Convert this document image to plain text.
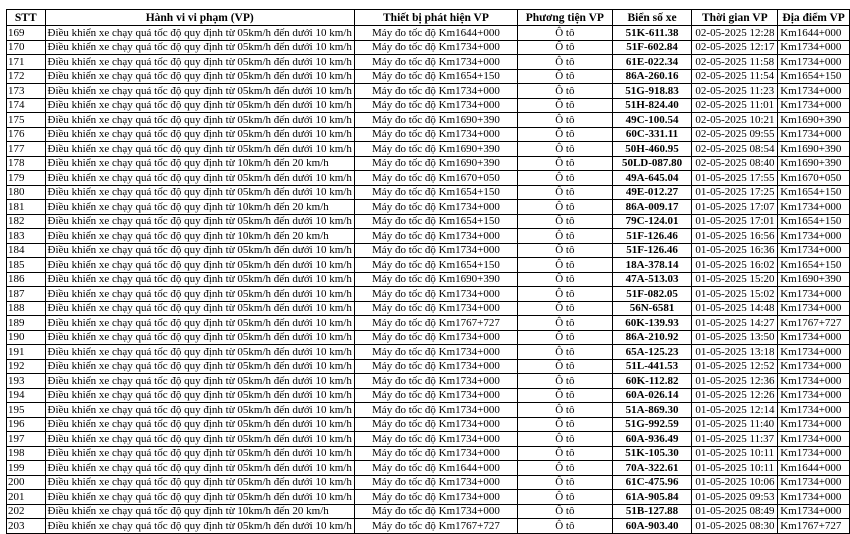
STT	Hành vi vi phạm (VP)	Thiết bị phát hiện VP	Phương tiện VP	Biển số xe	Thời gian VP	Địa điểm VP
169	Điều khiển xe chạy quá tốc độ quy định từ 05km/h đến dưới 10 km/h	Máy đo tốc độ Km1644+000	Ô tô	51K-611.38	02-05-2025 12:28	Km1644+000
170	Điều khiển xe chạy quá tốc độ quy định từ 05km/h đến dưới 10 km/h	Máy đo tốc độ Km1734+000	Ô tô	51F-602.84	02-05-2025 12:17	Km1734+000
171	Điều khiển xe chạy quá tốc độ quy định từ 05km/h đến dưới 10 km/h	Máy đo tốc độ Km1734+000	Ô tô	61E-022.34	02-05-2025 11:58	Km1734+000
172	Điều khiển xe chạy quá tốc độ quy định từ 05km/h đến dưới 10 km/h	Máy đo tốc độ Km1654+150	Ô tô	86A-260.16	02-05-2025 11:54	Km1654+150
173	Điều khiển xe chạy quá tốc độ quy định từ 05km/h đến dưới 10 km/h	Máy đo tốc độ Km1734+000	Ô tô	51G-918.83	02-05-2025 11:23	Km1734+000
174	Điều khiển xe chạy quá tốc độ quy định từ 05km/h đến dưới 10 km/h	Máy đo tốc độ Km1734+000	Ô tô	51H-824.40	02-05-2025 11:01	Km1734+000
175	Điều khiển xe chạy quá tốc độ quy định từ 05km/h đến dưới 10 km/h	Máy đo tốc độ Km1690+390	Ô tô	49C-100.54	02-05-2025 10:21	Km1690+390
176	Điều khiển xe chạy quá tốc độ quy định từ 05km/h đến dưới 10 km/h	Máy đo tốc độ Km1734+000	Ô tô	60C-331.11	02-05-2025 09:55	Km1734+000
177	Điều khiển xe chạy quá tốc độ quy định từ 05km/h đến dưới 10 km/h	Máy đo tốc độ Km1690+390	Ô tô	50H-460.95	02-05-2025 08:54	Km1690+390
178	Điều khiển xe chạy quá tốc độ quy định từ 10km/h đến 20 km/h	Máy đo tốc độ Km1690+390	Ô tô	50LD-087.80	02-05-2025 08:40	Km1690+390
179	Điều khiển xe chạy quá tốc độ quy định từ 05km/h đến dưới 10 km/h	Máy đo tốc độ Km1670+050	Ô tô	49A-645.04	01-05-2025 17:55	Km1670+050
180	Điều khiển xe chạy quá tốc độ quy định từ 05km/h đến dưới 10 km/h	Máy đo tốc độ Km1654+150	Ô tô	49E-012.27	01-05-2025 17:25	Km1654+150
181	Điều khiển xe chạy quá tốc độ quy định từ 10km/h đến 20 km/h	Máy đo tốc độ Km1734+000	Ô tô	86A-009.17	01-05-2025 17:07	Km1734+000
182	Điều khiển xe chạy quá tốc độ quy định từ 05km/h đến dưới 10 km/h	Máy đo tốc độ Km1654+150	Ô tô	79C-124.01	01-05-2025 17:01	Km1654+150
183	Điều khiển xe chạy quá tốc độ quy định từ 10km/h đến 20 km/h	Máy đo tốc độ Km1734+000	Ô tô	51F-126.46	01-05-2025 16:56	Km1734+000
184	Điều khiển xe chạy quá tốc độ quy định từ 05km/h đến dưới 10 km/h	Máy đo tốc độ Km1734+000	Ô tô	51F-126.46	01-05-2025 16:36	Km1734+000
185	Điều khiển xe chạy quá tốc độ quy định từ 05km/h đến dưới 10 km/h	Máy đo tốc độ Km1654+150	Ô tô	18A-378.14	01-05-2025 16:02	Km1654+150
186	Điều khiển xe chạy quá tốc độ quy định từ 05km/h đến dưới 10 km/h	Máy đo tốc độ Km1690+390	Ô tô	47A-513.03	01-05-2025 15:20	Km1690+390
187	Điều khiển xe chạy quá tốc độ quy định từ 05km/h đến dưới 10 km/h	Máy đo tốc độ Km1734+000	Ô tô	51F-082.05	01-05-2025 15:02	Km1734+000
188	Điều khiển xe chạy quá tốc độ quy định từ 05km/h đến dưới 10 km/h	Máy đo tốc độ Km1734+000	Ô tô	56N-6581	01-05-2025 14:48	Km1734+000
189	Điều khiển xe chạy quá tốc độ quy định từ 05km/h đến dưới 10 km/h	Máy đo tốc độ Km1767+727	Ô tô	60K-139.93	01-05-2025 14:27	Km1767+727
190	Điều khiển xe chạy quá tốc độ quy định từ 05km/h đến dưới 10 km/h	Máy đo tốc độ Km1734+000	Ô tô	86A-210.92	01-05-2025 13:50	Km1734+000
191	Điều khiển xe chạy quá tốc độ quy định từ 05km/h đến dưới 10 km/h	Máy đo tốc độ Km1734+000	Ô tô	65A-125.23	01-05-2025 13:18	Km1734+000
192	Điều khiển xe chạy quá tốc độ quy định từ 05km/h đến dưới 10 km/h	Máy đo tốc độ Km1734+000	Ô tô	51L-441.53	01-05-2025 12:52	Km1734+000
193	Điều khiển xe chạy quá tốc độ quy định từ 05km/h đến dưới 10 km/h	Máy đo tốc độ Km1734+000	Ô tô	60K-112.82	01-05-2025 12:36	Km1734+000
194	Điều khiển xe chạy quá tốc độ quy định từ 05km/h đến dưới 10 km/h	Máy đo tốc độ Km1734+000	Ô tô	60A-026.14	01-05-2025 12:26	Km1734+000
195	Điều khiển xe chạy quá tốc độ quy định từ 05km/h đến dưới 10 km/h	Máy đo tốc độ Km1734+000	Ô tô	51A-869.30	01-05-2025 12:14	Km1734+000
196	Điều khiển xe chạy quá tốc độ quy định từ 05km/h đến dưới 10 km/h	Máy đo tốc độ Km1734+000	Ô tô	51G-992.59	01-05-2025 11:40	Km1734+000
197	Điều khiển xe chạy quá tốc độ quy định từ 05km/h đến dưới 10 km/h	Máy đo tốc độ Km1734+000	Ô tô	60A-936.49	01-05-2025 11:37	Km1734+000
198	Điều khiển xe chạy quá tốc độ quy định từ 05km/h đến dưới 10 km/h	Máy đo tốc độ Km1734+000	Ô tô	51K-105.30	01-05-2025 10:11	Km1734+000
199	Điều khiển xe chạy quá tốc độ quy định từ 05km/h đến dưới 10 km/h	Máy đo tốc độ Km1644+000	Ô tô	70A-322.61	01-05-2025 10:11	Km1644+000
200	Điều khiển xe chạy quá tốc độ quy định từ 05km/h đến dưới 10 km/h	Máy đo tốc độ Km1734+000	Ô tô	61C-475.96	01-05-2025 10:06	Km1734+000
201	Điều khiển xe chạy quá tốc độ quy định từ 05km/h đến dưới 10 km/h	Máy đo tốc độ Km1734+000	Ô tô	61A-905.84	01-05-2025 09:53	Km1734+000
202	Điều khiển xe chạy quá tốc độ quy định từ 10km/h đến 20 km/h	Máy đo tốc độ Km1734+000	Ô tô	51B-127.88	01-05-2025 08:49	Km1734+000
203	Điều khiển xe chạy quá tốc độ quy định từ 05km/h đến dưới 10 km/h	Máy đo tốc độ Km1767+727	Ô tô	60A-903.40	01-05-2025 08:30	Km1767+727
